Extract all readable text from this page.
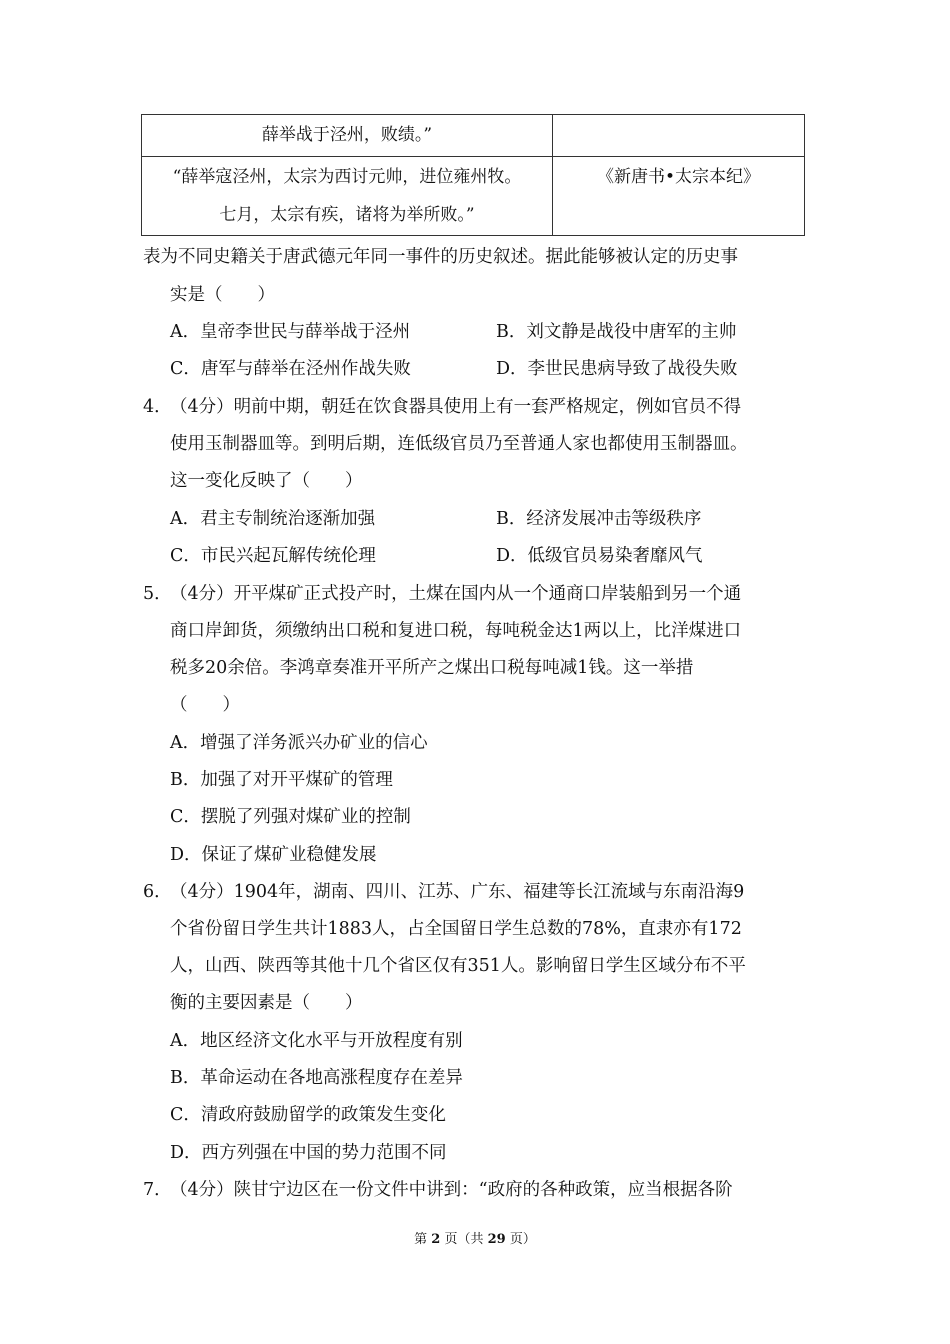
薛举战于泾州，败绩。”	

“薛举寇泾州，太宗为西讨元帅，进位雍州牧。
七月，太宗有疾，诸将为举所败。”	《新唐书•太宗本纪》
表为不同史籍关于唐武德元年同一事件的历史叙述。据此能够被认定的历史事
实是（　　）
A．皇帝李世民与薛举战于泾州	B．刘文静是战役中唐军的主帅
C．唐军与薛举在泾州作战失败	D．李世民患病导致了战役失败
4．
（4分）明前中期，朝廷在饮食器具使用上有一套严格规定，例如官员不得
使用玉制器皿等。到明后期，连低级官员乃至普通人家也都使用玉制器皿。
这一变化反映了（　　）
A．君主专制统治逐渐加强	B．经济发展冲击等级秩序
C．市民兴起瓦解传统伦理	D．低级官员易染奢靡风气
5．
（4分）开平煤矿正式投产时，土煤在国内从一个通商口岸装船到另一个通
商口岸卸货，须缴纳出口税和复进口税，每吨税金达1两以上，比洋煤进口
税多20余倍。李鸿章奏准开平所产之煤出口税每吨减1钱。这一举措
（　　）
A．增强了洋务派兴办矿业的信心
B．加强了对开平煤矿的管理
C．摆脱了列强对煤矿业的控制
D．保证了煤矿业稳健发展
6．
（4分）1904年，湖南、四川、江苏、广东、福建等长江流域与东南沿海9
个省份留日学生共计1883人，占全国留日学生总数的78%，直隶亦有172
人，山西、陕西等其他十几个省区仅有351人。影响留日学生区域分布不平
衡的主要因素是（　　）
A．地区经济文化水平与开放程度有别
B．革命运动在各地高涨程度存在差异
C．清政府鼓励留学的政策发生变化
D．西方列强在中国的势力范围不同
7．
（4分）陕甘宁边区在一份文件中讲到：“政府的各种政策，应当根据各阶
第 2 页（共 29 页）
